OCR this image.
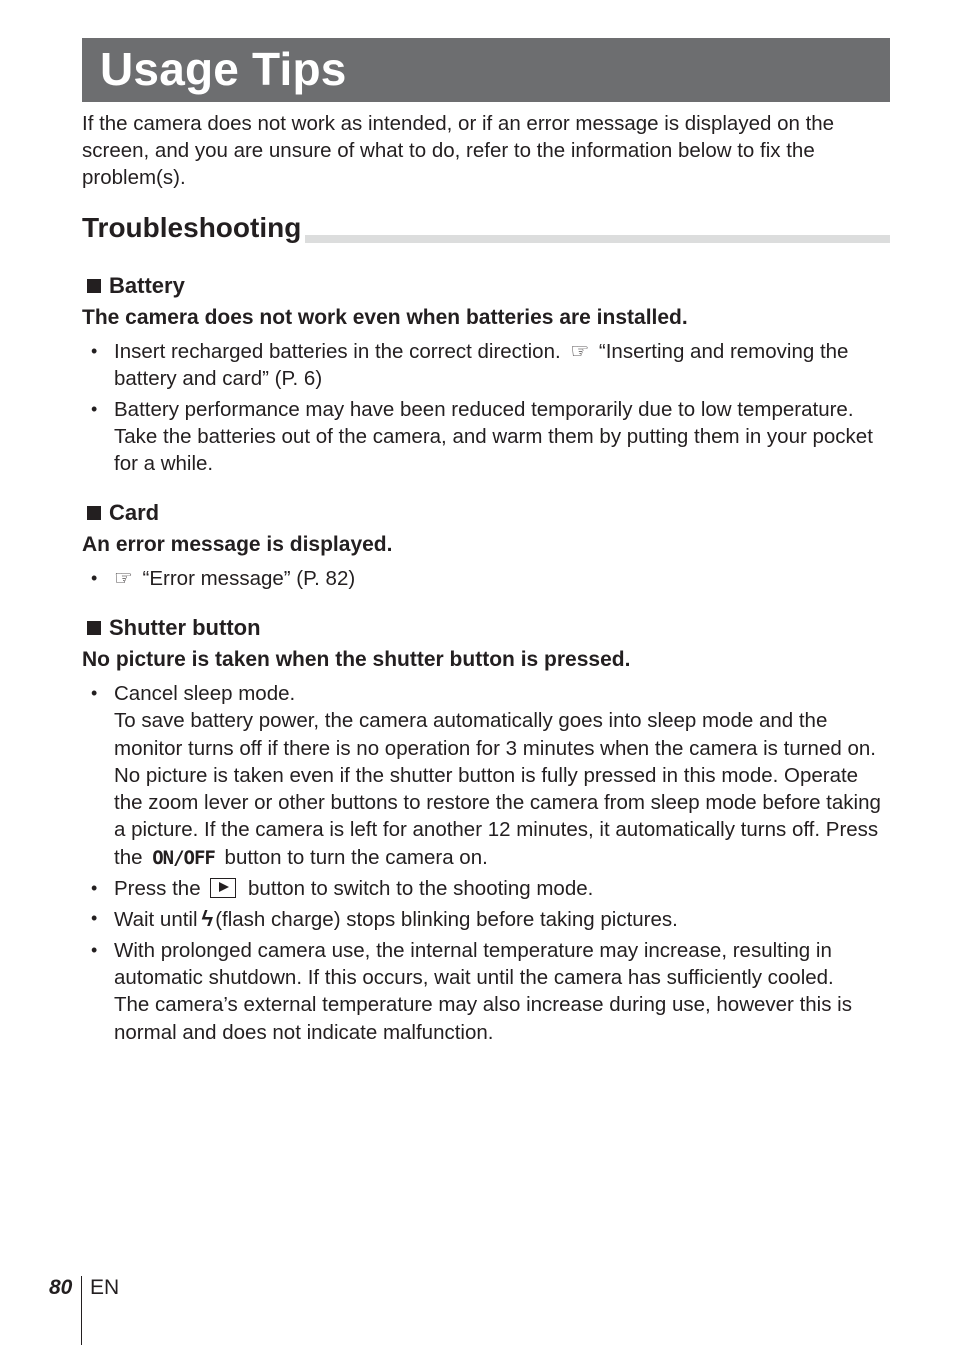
Usage Tips

If the camera does not work as intended, or if an error message is displayed on the screen, and you are unsure of what to do, refer to the information below to fix the problem(s).

Troubleshooting
Battery

The camera does not work even when batteries are installed.

• Insert recharged batteries in the correct direction. ☞ “Inserting and removing the battery and card” (P. 6)
• Battery performance may have been reduced temporarily due to low temperature. Take the batteries out of the camera, and warm them by putting them in your pocket for a while.
Card

An error message is displayed.

• ☞ “Error message” (P. 82)
Shutter button

No picture is taken when the shutter button is pressed.

• Cancel sleep mode.
To save battery power, the camera automatically goes into sleep mode and the monitor turns off if there is no operation for 3 minutes when the camera is turned on. No picture is taken even if the shutter button is fully pressed in this mode. Operate the zoom lever or other buttons to restore the camera from sleep mode before taking a picture. If the camera is left for another 12 minutes, it automatically turns off. Press the ON/OFF button to turn the camera on.
• Press the button to switch to the shooting mode.
• Wait until ϟ(flash charge) stops blinking before taking pictures.
• With prolonged camera use, the internal temperature may increase, resulting in automatic shutdown. If this occurs, wait until the camera has sufficiently cooled.
The camera’s external temperature may also increase during use, however this is normal and does not indicate malfunction.
80 EN
